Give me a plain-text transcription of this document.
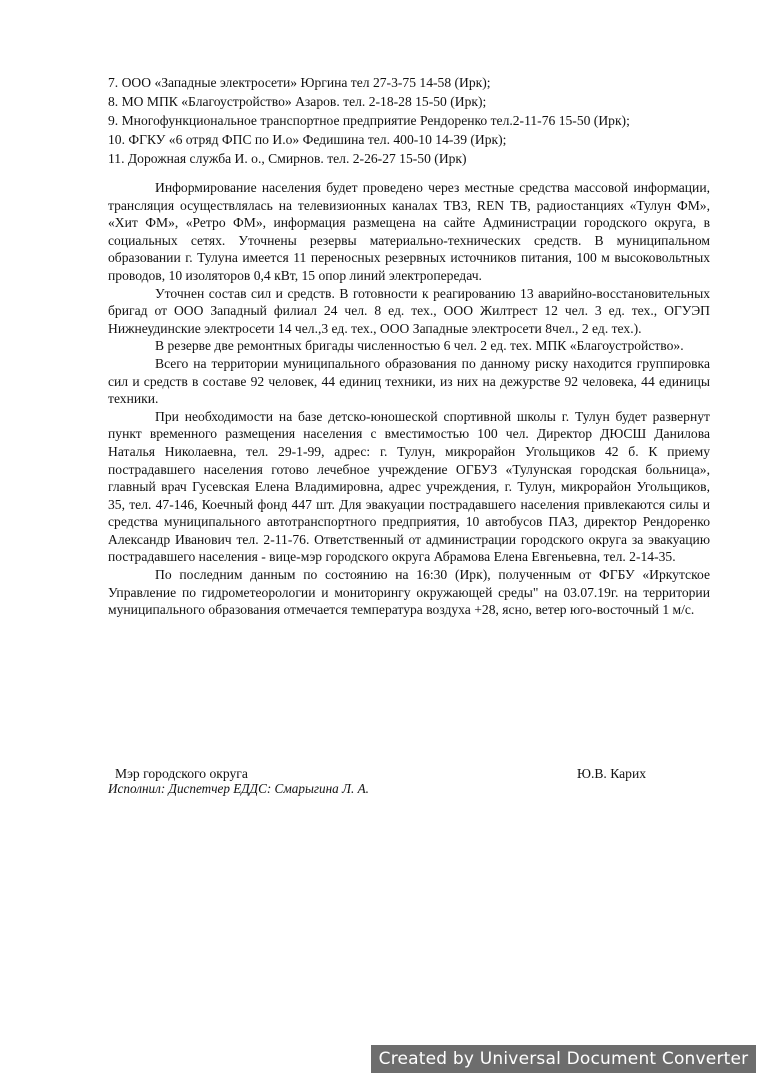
7. ООО «Западные электросети» Юргина тел 27-3-75 14-58 (Ирк);
8. МО МПК «Благоустройство» Азаров. тел. 2-18-28 15-50 (Ирк);
9. Многофункциональное транспортное предприятие Рендоренко тел.2-11-76 15-50 (Ирк);
10. ФГКУ «6 отряд ФПС по И.о» Федишина тел. 400-10 14-39 (Ирк);
11. Дорожная служба И. о., Смирнов. тел. 2-26-27 15-50 (Ирк)

Информирование населения будет проведено через местные средства массовой информации, трансляция осуществлялась на телевизионных каналах ТВ3, REN ТВ, радиостанциях «Тулун ФМ», «Хит ФМ», «Ретро ФМ», информация размещена на сайте Администрации городского округа, в социальных сетях. Уточнены резервы материально-технических средств. В муниципальном образовании г. Тулуна имеется 11 переносных резервных источников питания, 100 м высоковольтных проводов, 10 изоляторов 0,4 кВт, 15 опор линий электропередач.

Уточнен состав сил и средств. В готовности к реагированию 13 аварийно-восстановительных бригад от ООО Западный филиал 24 чел. 8 ед. тех., ООО Жилтрест 12 чел. 3 ед. тех., ОГУЭП Нижнеудинские электросети 14 чел.,3 ед. тех., ООО Западные электросети 8чел., 2 ед. тех.).

В резерве две ремонтных бригады численностью 6 чел. 2 ед. тех. МПК «Благоустройство».

Всего на территории муниципального образования по данному риску находится группировка сил и средств в составе 92 человек, 44 единиц техники, из них на дежурстве 92 человека, 44 единицы техники.

При необходимости на базе детско-юношеской спортивной школы г. Тулун будет развернут пункт временного размещения населения с вместимостью 100 чел. Директор ДЮСШ Данилова Наталья Николаевна, тел. 29-1-99, адрес: г. Тулун, микрорайон Угольщиков 42 б. К приему пострадавшего населения готово лечебное учреждение ОГБУЗ «Тулунская городская больница», главный врач Гусевская Елена Владимировна, адрес учреждения, г. Тулун, микрорайон Угольщиков, 35, тел. 47-146, Коечный фонд 447 шт. Для эвакуации пострадавшего населения привлекаются силы и средства муниципального автотранспортного предприятия, 10 автобусов ПАЗ, директор Рендоренко Александр Иванович тел. 2-11-76. Ответственный от администрации городского округа за эвакуацию пострадавшего населения - вице-мэр городского округа Абрамова Елена Евгеньевна, тел. 2-14-35.

По последним данным по состоянию на 16:30 (Ирк), полученным от ФГБУ «Иркутское Управление по гидрометеорологии и мониторингу окружающей среды" на 03.07.19г. на территории муниципального образования отмечается температура воздуха +28, ясно, ветер юго-восточный 1 м/с.

Мэр городского округа	Ю.В. Карих
Исполнил: Диспетчер ЕДДС: Смарыгина Л. А.
Created by Universal Document Converter
